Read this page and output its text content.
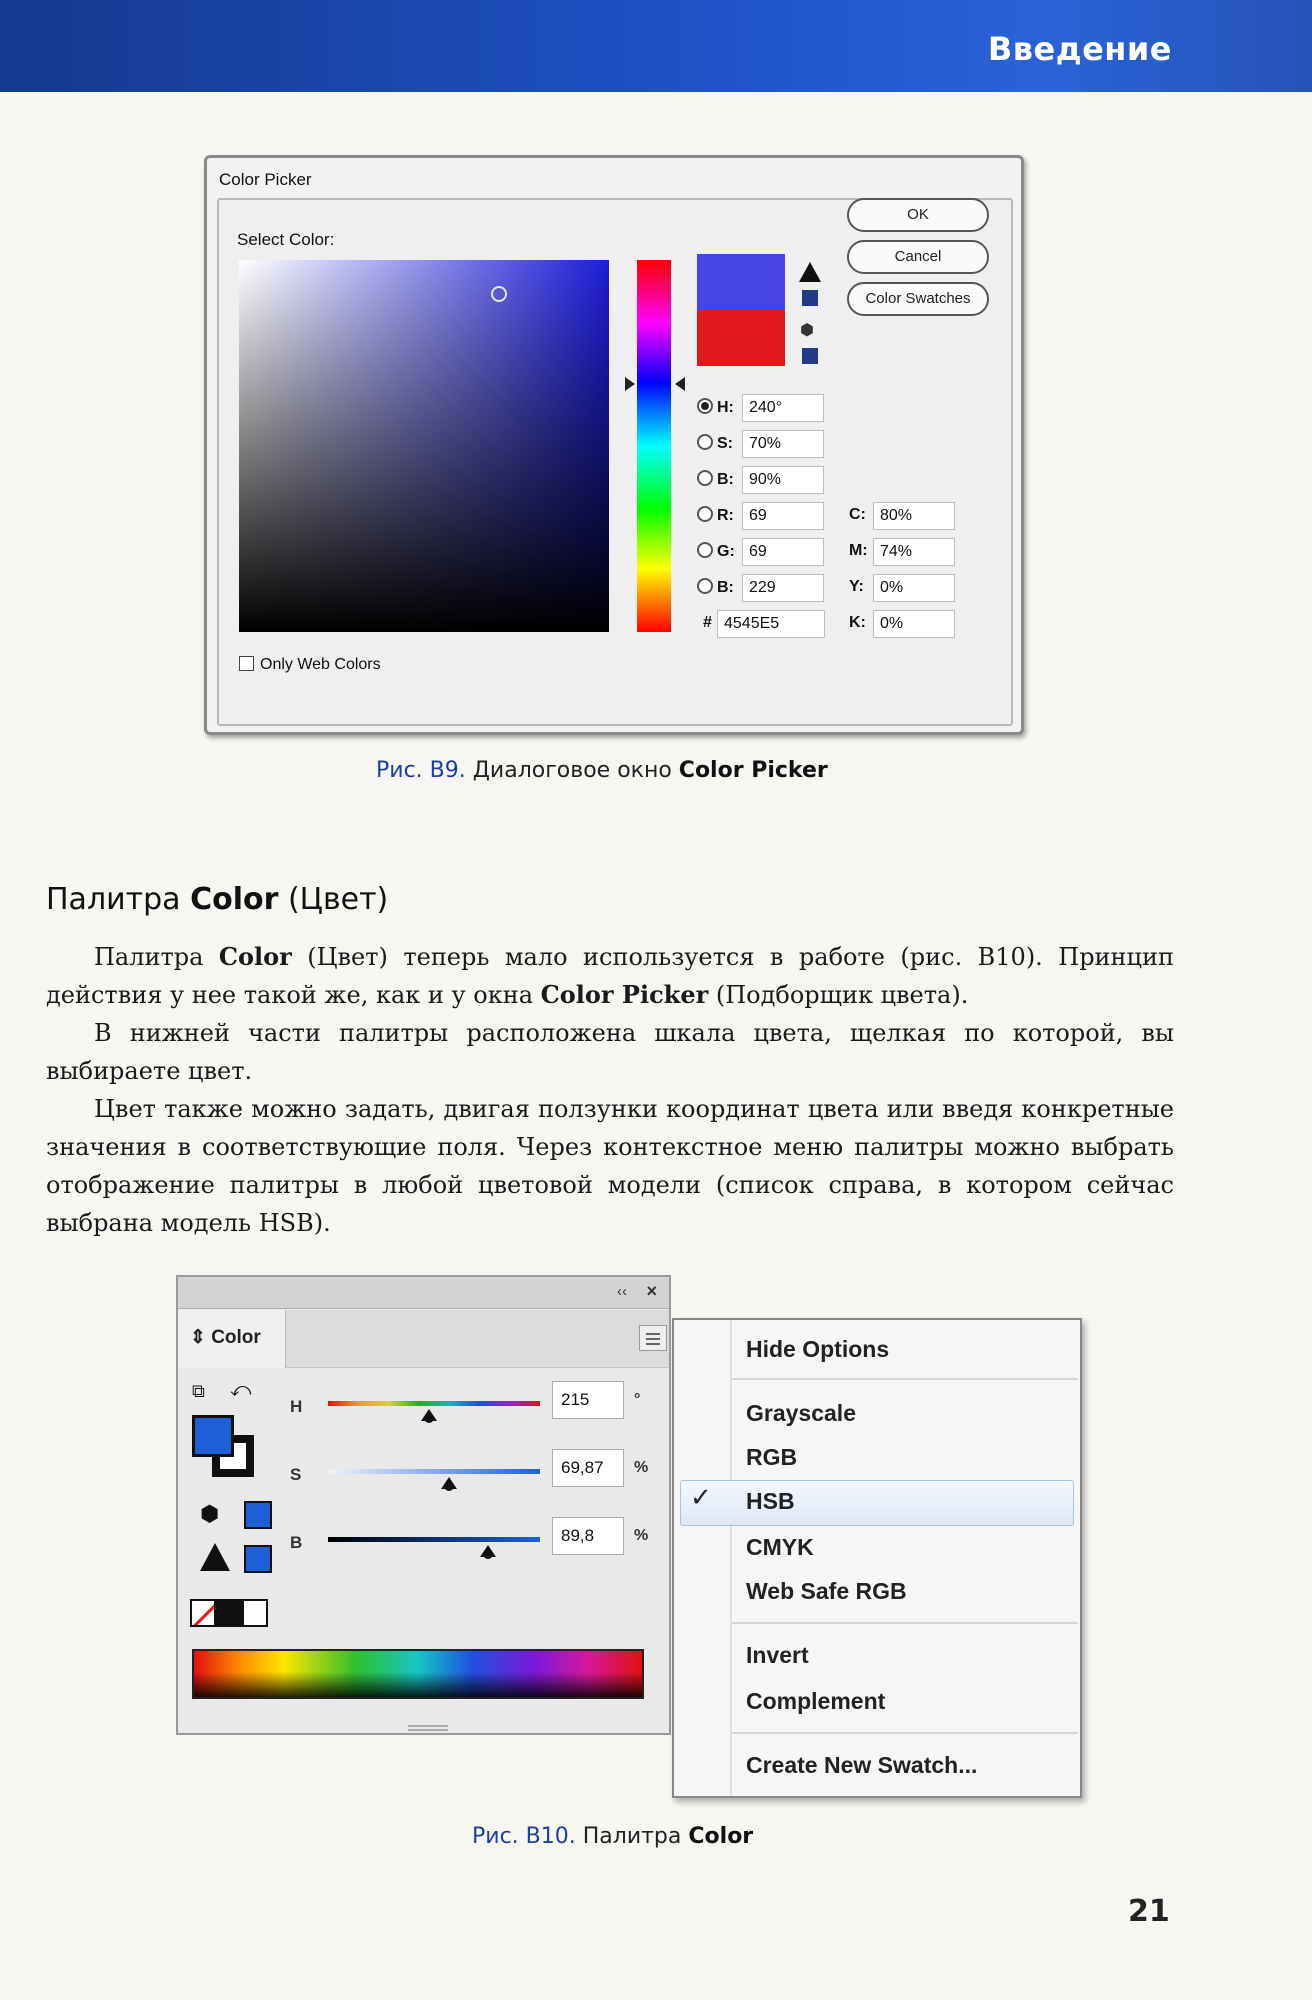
Введение
Color Picker
Select Color:
⬢
OK
Cancel
Color Swatches
H: 240°
S:	70%
B: 90%
R: 69
G: 69
B: 229
# 4545E5
C: 80%
M: 74%
Y:	0%
K: 0%
Only Web Colors
Рис. В9. Диалоговое окно Color Picker
Палитра Color (Цвет)

Палитра Color (Цвет) теперь мало используется в работе (рис. В10). Принцип действия у нее такой же, как и у окна Color Picker (Подборщик цвета).

В нижней части палитры расположена шкала цвета, щелкая по которой, вы выбираете цвет.

Цвет также можно задать, двигая ползунки координат цвета или введя конкретные значения в соответствующие поля. Через контекстное меню палитры можно выбрать отображение палитры в любой цветовой модели (список справа, в котором сейчас выбрана модель HSB).

‹‹ ×
⇕ Color
⧉ ⤺
⬢
H	215	°
S	69,87	%
B	89,8	%
Hide Options
Grayscale
RGB
✓ HSB
CMYK
Web Safe RGB
Invert
Complement
Create New Swatch...
Рис. В10. Палитра Color
21
